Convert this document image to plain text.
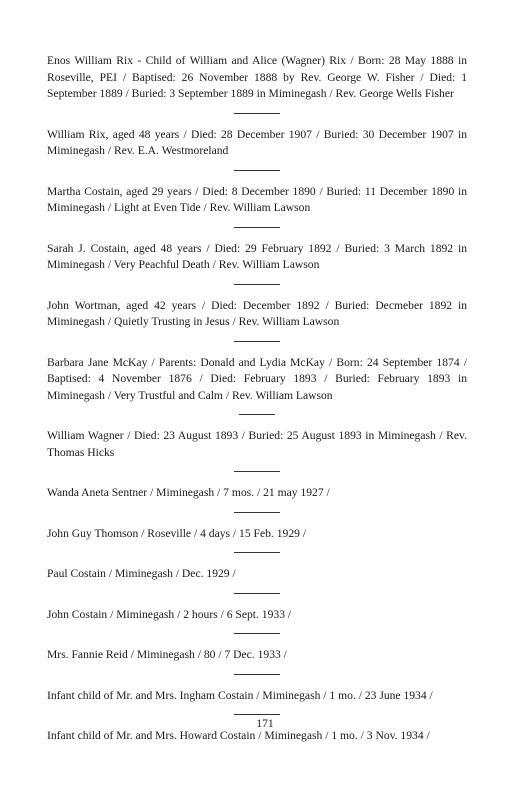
Enos William Rix - Child of William and Alice (Wagner) Rix / Born: 28 May 1888 in Roseville, PEI / Baptised: 26 November 1888 by Rev. George W. Fisher / Died: 1 September 1889 / Buried: 3 September 1889 in Miminegash / Rev. George Wells Fisher

William Rix, aged 48 years / Died: 28 December 1907 / Buried: 30 December 1907 in Miminegash / Rev. E.A. Westmoreland

Martha Costain, aged 29 years / Died: 8 December 1890 / Buried: 11 December 1890 in Miminegash / Light at Even Tide / Rev. William Lawson

Sarah J. Costain, aged 48 years / Died: 29 February 1892 / Buried: 3 March 1892 in Miminegash / Very Peachful Death / Rev. William Lawson

John Wortman, aged 42 years / Died: December 1892 / Buried: Decmeber 1892 in Miminegash / Quietly Trusting in Jesus / Rev. William Lawson

Barbara Jane McKay / Parents: Donald and Lydia McKay / Born: 24 September 1874 / Baptised: 4 November 1876 / Died: February 1893 / Buried: February 1893 in Miminegash / Very Trustful and Calm / Rev. William Lawson

William Wagner / Died: 23 August 1893 / Buried: 25 August 1893 in Miminegash / Rev. Thomas Hicks

Wanda Aneta Sentner / Miminegash / 7 mos. / 21 may 1927 /

John Guy Thomson / Roseville / 4 days / 15 Feb. 1929 /

Paul Costain / Miminegash / Dec. 1929 /

John Costain / Miminegash / 2 hours / 6 Sept. 1933 /

Mrs. Fannie Reid / Miminegash / 80 / 7 Dec. 1933 /

Infant child of Mr. and Mrs. Ingham Costain / Miminegash / 1 mo. / 23 June 1934 /

Infant child of Mr. and Mrs. Howard Costain / Miminegash / 1 mo. / 3 Nov. 1934 /

171
